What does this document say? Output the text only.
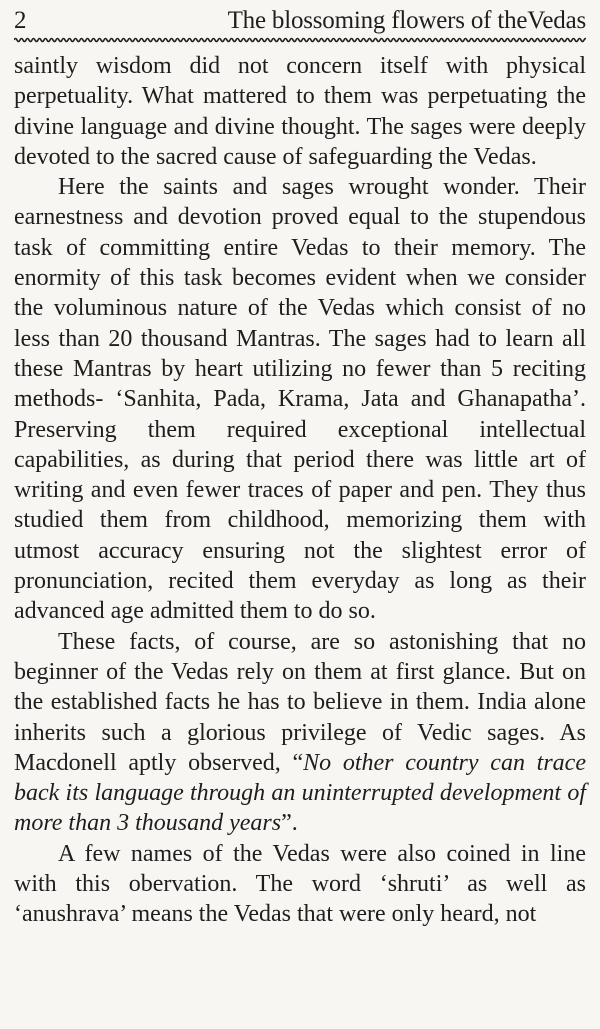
2	The blossoming flowers of theVedas

saintly wisdom did not concern itself with physical perpetuality. What mattered to them was perpetuating the divine language and divine thought. The sages were deeply devoted to the sacred cause of safeguarding the Vedas.

Here the saints and sages wrought wonder. Their earnestness and devotion proved equal to the stupendous task of committing entire Vedas to their memory. The enormity of this task becomes evident when we consider the voluminous nature of the Vedas which consist of no less than 20 thousand Mantras. The sages had to learn all these Mantras by heart utilizing no fewer than 5 reciting methods- ‘Sanhita, Pada, Krama, Jata and Ghanapatha’. Preserving them required exceptional intellectual capabilities, as during that period there was little art of writing and even fewer traces of paper and pen. They thus studied them from childhood, memorizing them with utmost accuracy ensuring not the slightest error of pronunciation, recited them everyday as long as their advanced age admitted them to do so.

These facts, of course, are so astonishing that no beginner of the Vedas rely on them at first glance. But on the established facts he has to believe in them. India alone inherits such a glorious privilege of Vedic sages. As Macdonell aptly observed, “No other country can trace back its language through an uninterrupted development of more than 3 thousand years”.

A few names of the Vedas were also coined in line with this obervation. The word ‘shruti’ as well as ‘anushrava’ means the Vedas that were only heard, not
